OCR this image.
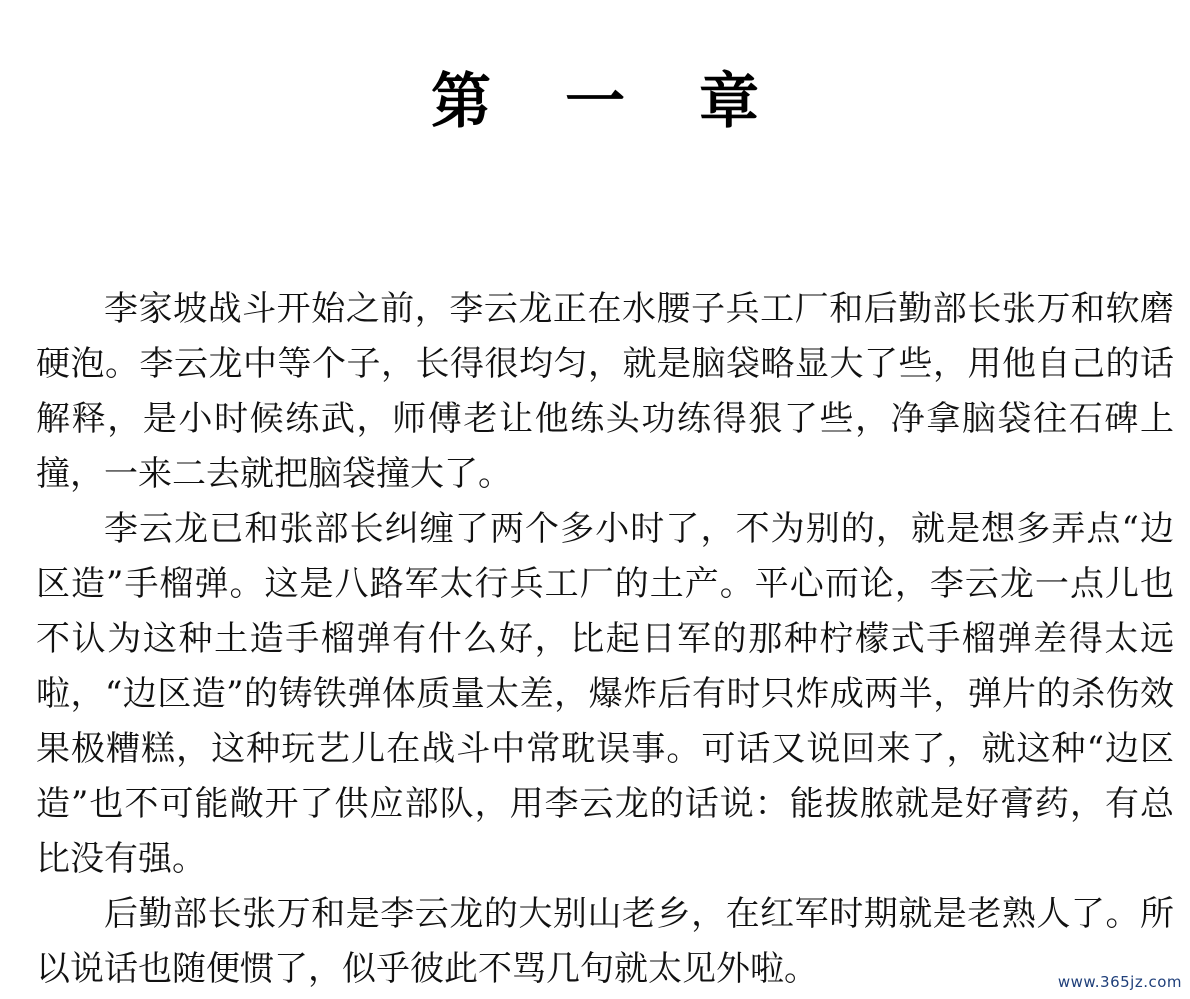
第一章

李家坡战斗开始之前，李云龙正在水腰子兵工厂和后勤部长张万和软磨硬泡。李云龙中等个子，长得很均匀，就是脑袋略显大了些，用他自己的话解释，是小时候练武，师傅老让他练头功练得狠了些，净拿脑袋往石碑上撞，一来二去就把脑袋撞大了。

李云龙已和张部长纠缠了两个多小时了，不为别的，就是想多弄点“边区造”手榴弹。这是八路军太行兵工厂的土产。平心而论，李云龙一点儿也不认为这种土造手榴弹有什么好，比起日军的那种柠檬式手榴弹差得太远啦，“边区造”的铸铁弹体质量太差，爆炸后有时只炸成两半，弹片的杀伤效果极糟糕，这种玩艺儿在战斗中常耽误事。可话又说回来了，就这种“边区造”也不可能敞开了供应部队，用李云龙的话说：能拔脓就是好膏药，有总比没有强。

后勤部长张万和是李云龙的大别山老乡，在红军时期就是老熟人了。所以说话也随便惯了，似乎彼此不骂几句就太见外啦。	www.365jz.com
